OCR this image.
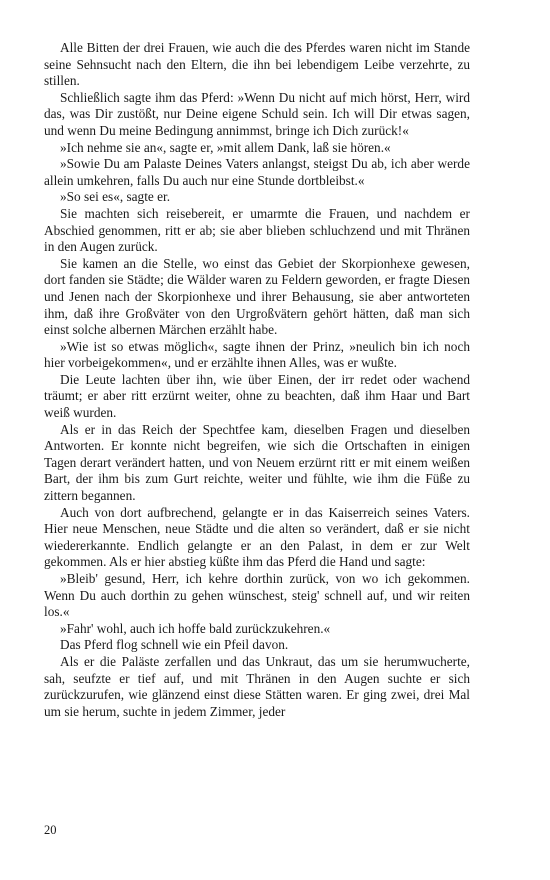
Alle Bitten der drei Frauen, wie auch die des Pferdes waren nicht im Stande seine Sehnsucht nach den Eltern, die ihn bei lebendigem Leibe verzehrte, zu stillen.

Schließlich sagte ihm das Pferd: »Wenn Du nicht auf mich hörst, Herr, wird das, was Dir zustößt, nur Deine eigene Schuld sein. Ich will Dir etwas sagen, und wenn Du meine Bedingung annimmst, bringe ich Dich zurück!«

»Ich nehme sie an«, sagte er, »mit allem Dank, laß sie hören.«

»Sowie Du am Palaste Deines Vaters anlangst, steigst Du ab, ich aber werde allein umkehren, falls Du auch nur eine Stunde dortbleibst.«

»So sei es«, sagte er.

Sie machten sich reisebereit, er umarmte die Frauen, und nachdem er Abschied genommen, ritt er ab; sie aber blieben schluchzend und mit Thränen in den Augen zurück.

Sie kamen an die Stelle, wo einst das Gebiet der Skorpionhexe gewesen, dort fanden sie Städte; die Wälder waren zu Feldern geworden, er fragte Diesen und Jenen nach der Skorpionhexe und ihrer Behausung, sie aber antworteten ihm, daß ihre Großväter von den Urgroßvätern gehört hätten, daß man sich einst solche albernen Märchen erzählt habe.

»Wie ist so etwas möglich«, sagte ihnen der Prinz, »neulich bin ich noch hier vorbeigekommen«, und er erzählte ihnen Alles, was er wußte.

Die Leute lachten über ihn, wie über Einen, der irr redet oder wachend träumt; er aber ritt erzürnt weiter, ohne zu beachten, daß ihm Haar und Bart weiß wurden.

Als er in das Reich der Spechtfee kam, dieselben Fragen und dieselben Antworten. Er konnte nicht begreifen, wie sich die Ortschaften in einigen Tagen derart verändert hatten, und von Neuem erzürnt ritt er mit einem weißen Bart, der ihm bis zum Gurt reichte, weiter und fühlte, wie ihm die Füße zu zittern begannen.

Auch von dort aufbrechend, gelangte er in das Kaiserreich seines Vaters. Hier neue Menschen, neue Städte und die alten so verändert, daß er sie nicht wiedererkannte. Endlich gelangte er an den Palast, in dem er zur Welt gekommen. Als er hier abstieg küßte ihm das Pferd die Hand und sagte:

»Bleib' gesund, Herr, ich kehre dorthin zurück, von wo ich gekommen. Wenn Du auch dorthin zu gehen wünschest, steig' schnell auf, und wir reiten los.«

»Fahr' wohl, auch ich hoffe bald zurückzukehren.«

Das Pferd flog schnell wie ein Pfeil davon.

Als er die Paläste zerfallen und das Unkraut, das um sie herumwucherte, sah, seufzte er tief auf, und mit Thränen in den Augen suchte er sich zurückzurufen, wie glänzend einst diese Stätten waren. Er ging zwei, drei Mal um sie herum, suchte in jedem Zimmer, jeder

20
